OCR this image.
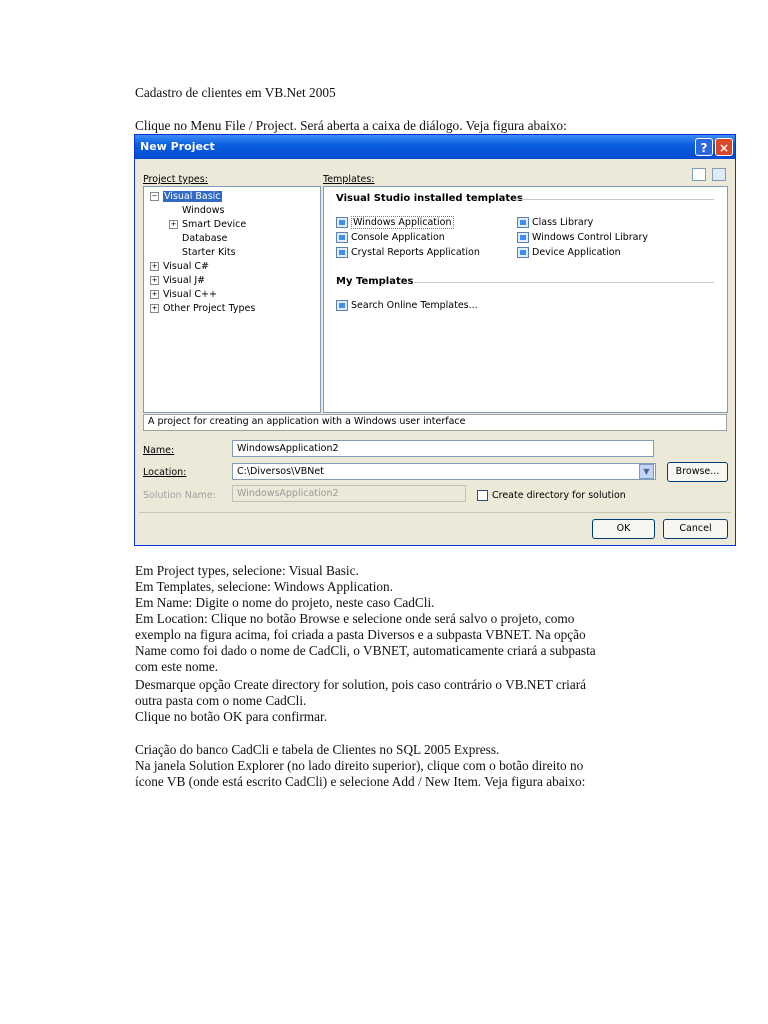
Cadastro de clientes em VB.Net 2005
Clique no Menu File / Project. Será aberta a caixa de diálogo. Veja figura abaixo:
New Project	? ×
Project types:	Templates:
− Visual Basic
Windows
+ Smart Device
Database
Starter Kits
+ Visual C#
+ Visual J#
+ Visual C++
+ Other Project Types
Visual Studio installed templates
Windows Application
Console Application
Crystal Reports Application
Class Library
Windows Control Library
Device Application
My Templates
Search Online Templates...
A project for creating an application with a Windows user interface
Name:	WindowsApplication2
Location:	C:\Diversos\VBNet	▼	Browse...
Solution Name:	WindowsApplication2	Create directory for solution
OK	Cancel
Em Project types, selecione: Visual Basic.
Em Templates, selecione: Windows Application.
Em Name: Digite o nome do projeto, neste caso CadCli.
Em Location: Clique no botão Browse e selecione onde será salvo o projeto, como
exemplo na figura acima, foi criada a pasta Diversos e a subpasta VBNET. Na opção
Name como foi dado o nome de CadCli, o VBNET, automaticamente criará a subpasta
com este nome.
Desmarque opção Create directory for solution, pois caso contrário o VB.NET criará
outra pasta com o nome CadCli.
Clique no botão OK para confirmar.
Criação do banco CadCli e tabela de Clientes no SQL 2005 Express.
Na janela Solution Explorer (no lado direito superior), clique com o botão direito no
ícone VB (onde está escrito CadCli) e selecione Add / New Item. Veja figura abaixo:
